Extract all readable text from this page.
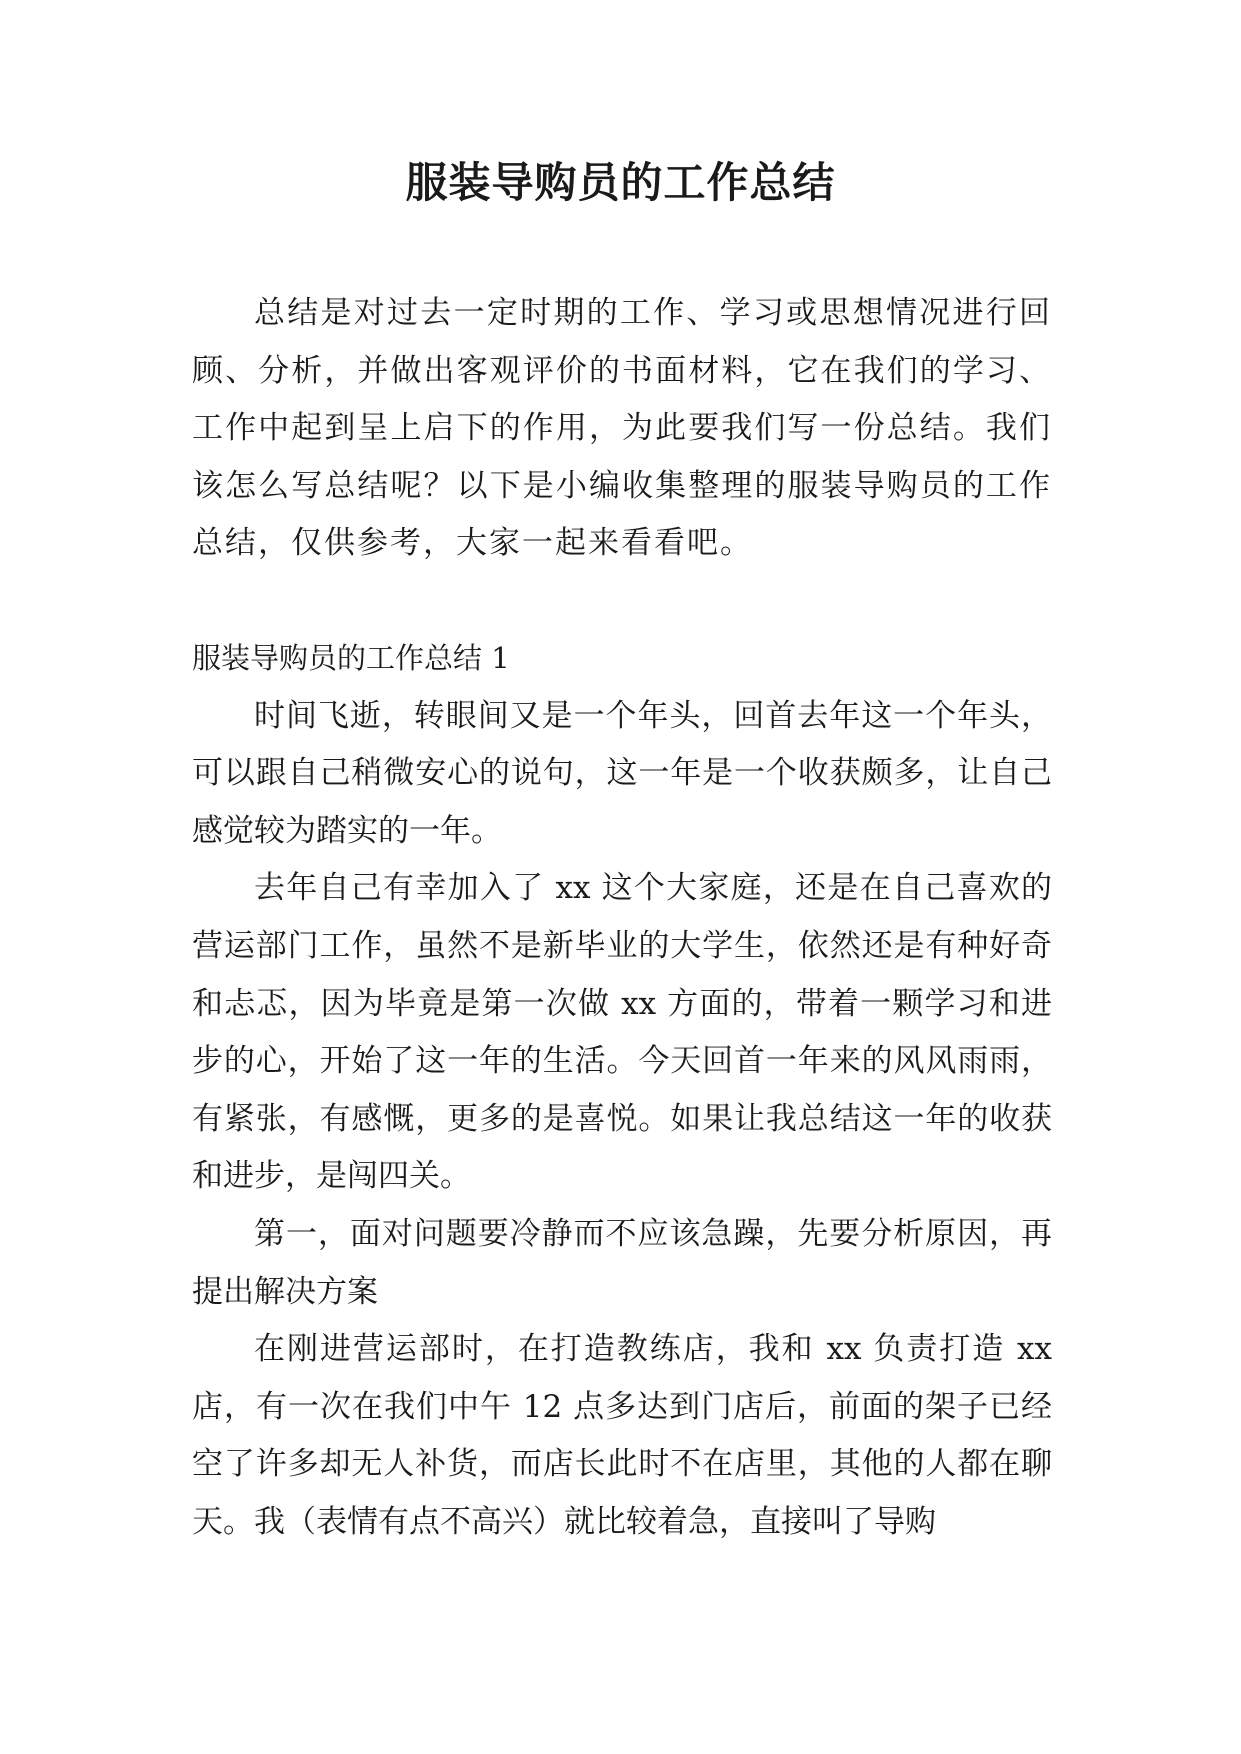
服装导购员的工作总结

总结是对过去一定时期的工作、学习或思想情况进行回顾、分析，并做出客观评价的书面材料，它在我们的学习、工作中起到呈上启下的作用，为此要我们写一份总结。我们该怎么写总结呢？以下是小编收集整理的服装导购员的工作总结，仅供参考，大家一起来看看吧。

服装导购员的工作总结 1

时间飞逝，转眼间又是一个年头，回首去年这一个年头，可以跟自己稍微安心的说句，这一年是一个收获颇多，让自己感觉较为踏实的一年。

去年自己有幸加入了 xx 这个大家庭，还是在自己喜欢的营运部门工作，虽然不是新毕业的大学生，依然还是有种好奇和忐忑，因为毕竟是第一次做 xx 方面的，带着一颗学习和进步的心，开始了这一年的生活。今天回首一年来的风风雨雨，有紧张，有感慨，更多的是喜悦。如果让我总结这一年的收获和进步，是闯四关。

第一，面对问题要冷静而不应该急躁，先要分析原因，再提出解决方案

在刚进营运部时，在打造教练店，我和 xx 负责打造 xx 店，有一次在我们中午 12 点多达到门店后，前面的架子已经空了许多却无人补货，而店长此时不在店里，其他的人都在聊天。我（表情有点不高兴）就比较着急，直接叫了导购
